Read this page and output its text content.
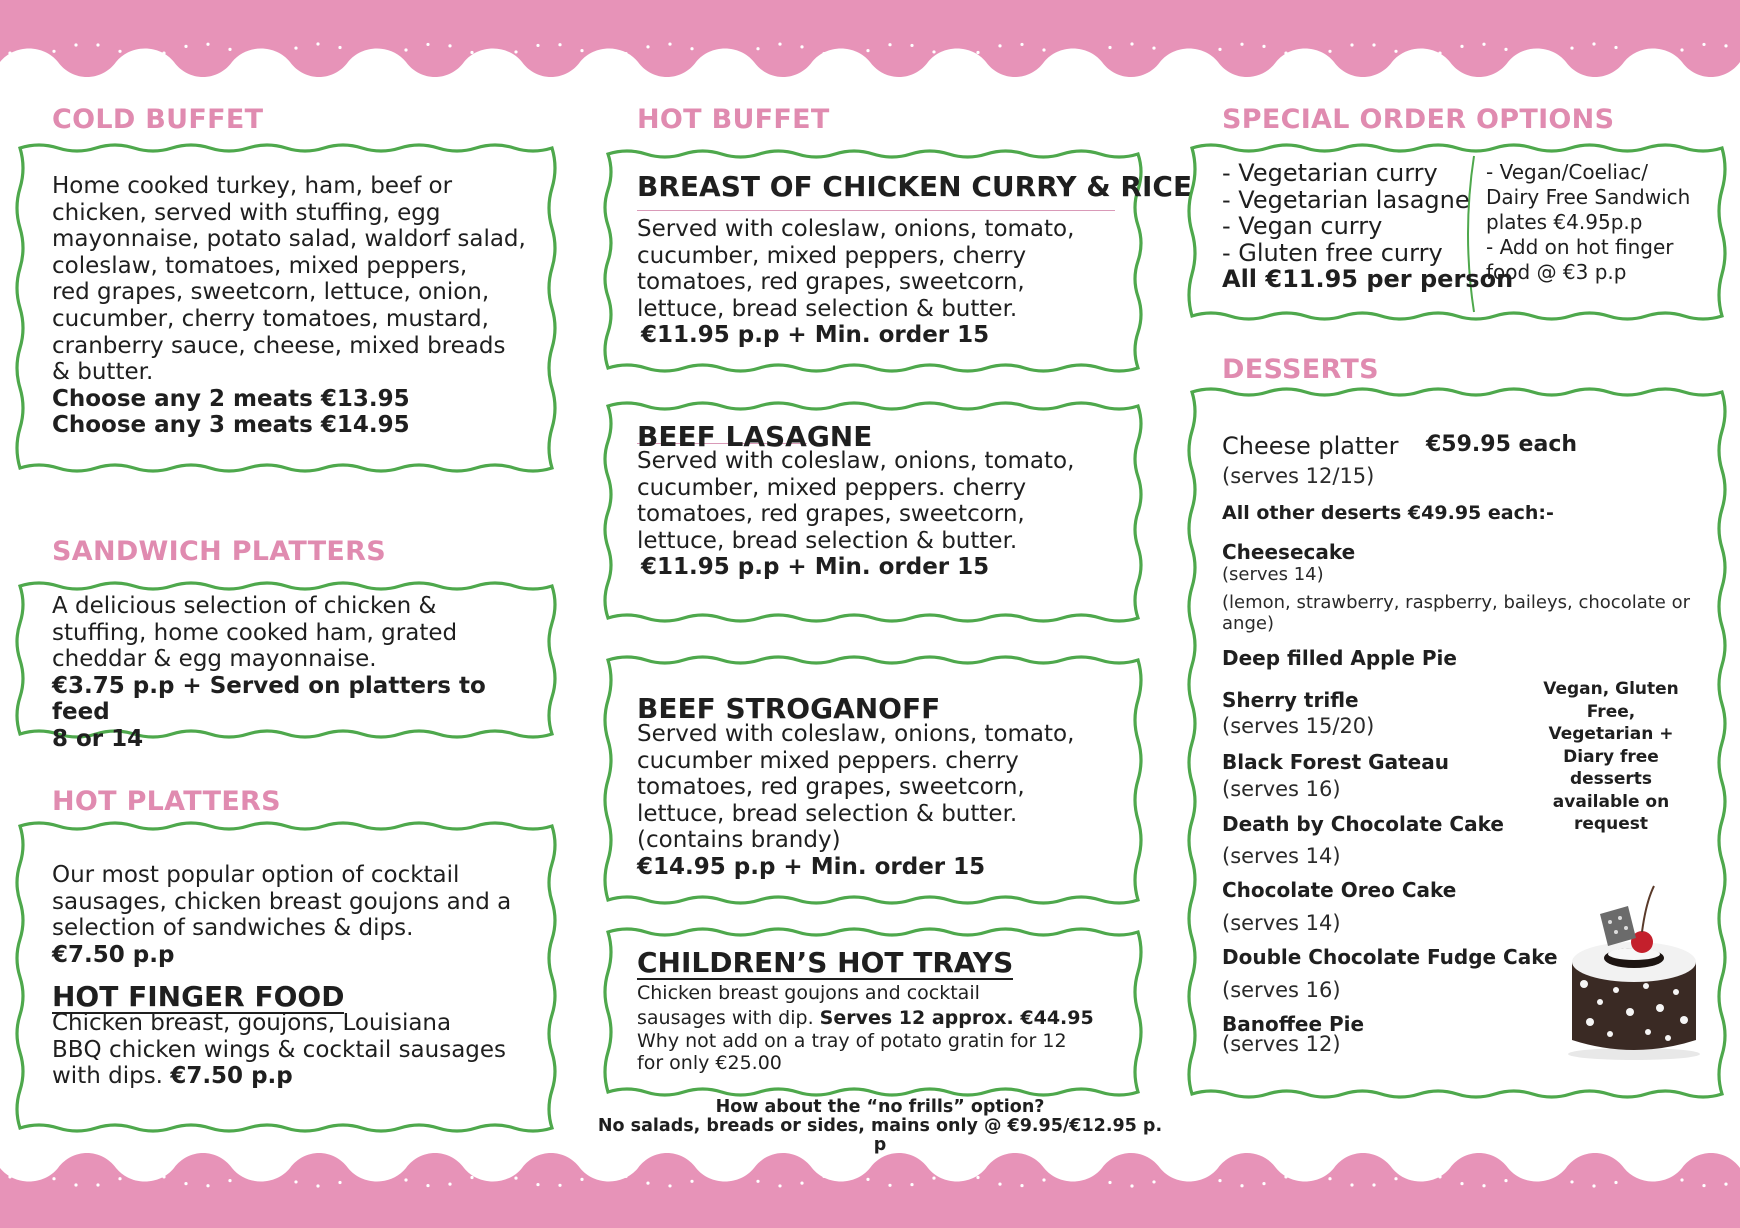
COLD BUFFET
Home cooked turkey, ham, beef or
chicken, served with stuffing, egg
mayonnaise, potato salad, waldorf salad,
coleslaw, tomatoes, mixed peppers,
red grapes, sweetcorn, lettuce, onion,
cucumber, cherry tomatoes, mustard,
cranberry sauce, cheese, mixed breads
& butter.
Choose any 2 meats €13.95
Choose any 3 meats €14.95
SANDWICH PLATTERS
A delicious selection of chicken &
stuffing, home cooked ham, grated
cheddar & egg mayonnaise.
€3.75 p.p + Served on platters to feed
8 or 14
HOT PLATTERS
Our most popular option of cocktail
sausages, chicken breast goujons and a
selection of sandwiches & dips.
€7.50 p.p
HOT FINGER FOOD
Chicken breast, goujons, Louisiana
BBQ chicken wings & cocktail sausages
with dips. €7.50 p.p
HOT BUFFET
BREAST OF CHICKEN CURRY & RICE
Served with coleslaw, onions, tomato,
cucumber, mixed peppers, cherry
tomatoes, red grapes, sweetcorn,
lettuce, bread selection & butter.
€11.95 p.p + Min. order 15
BEEF LASAGNE
Served with coleslaw, onions, tomato,
cucumber, mixed peppers. cherry
tomatoes, red grapes, sweetcorn,
lettuce, bread selection & butter.
€11.95 p.p + Min. order 15
BEEF STROGANOFF
Served with coleslaw, onions, tomato,
cucumber mixed peppers. cherry
tomatoes, red grapes, sweetcorn,
lettuce, bread selection & butter.
(contains brandy)
€14.95 p.p + Min. order 15
CHILDREN’S HOT TRAYS
Chicken breast goujons and cocktail
sausages with dip. Serves 12 approx. €44.95
Why not add on a tray of potato gratin for 12
for only €25.00
How about the “no frills” option?
No salads, breads or sides, mains only @ €9.95/€12.95 p. p
SPECIAL ORDER OPTIONS
- Vegetarian curry
- Vegetarian lasagne
- Vegan curry
- Gluten free curry
All €11.95 per person
- Vegan/Coeliac/
Dairy Free Sandwich
plates €4.95p.p
- Add on hot finger
food @ €3 p.p
DESSERTS
Cheese platter €59.95 each
(serves 12/15)
All other deserts €49.95 each:-
Cheesecake
(serves 14)
(lemon, strawberry, raspberry, baileys, chocolate or
ange)
Deep filled Apple Pie
Sherry trifle
(serves 15/20)
Black Forest Gateau
(serves 16)
Death by Chocolate Cake
(serves 14)
Chocolate Oreo Cake
(serves 14)
Double Chocolate Fudge Cake
(serves 16)
Banoffee Pie
(serves 12)
Vegan, Gluten
Free,
Vegetarian +
Diary free
desserts
available on
request
